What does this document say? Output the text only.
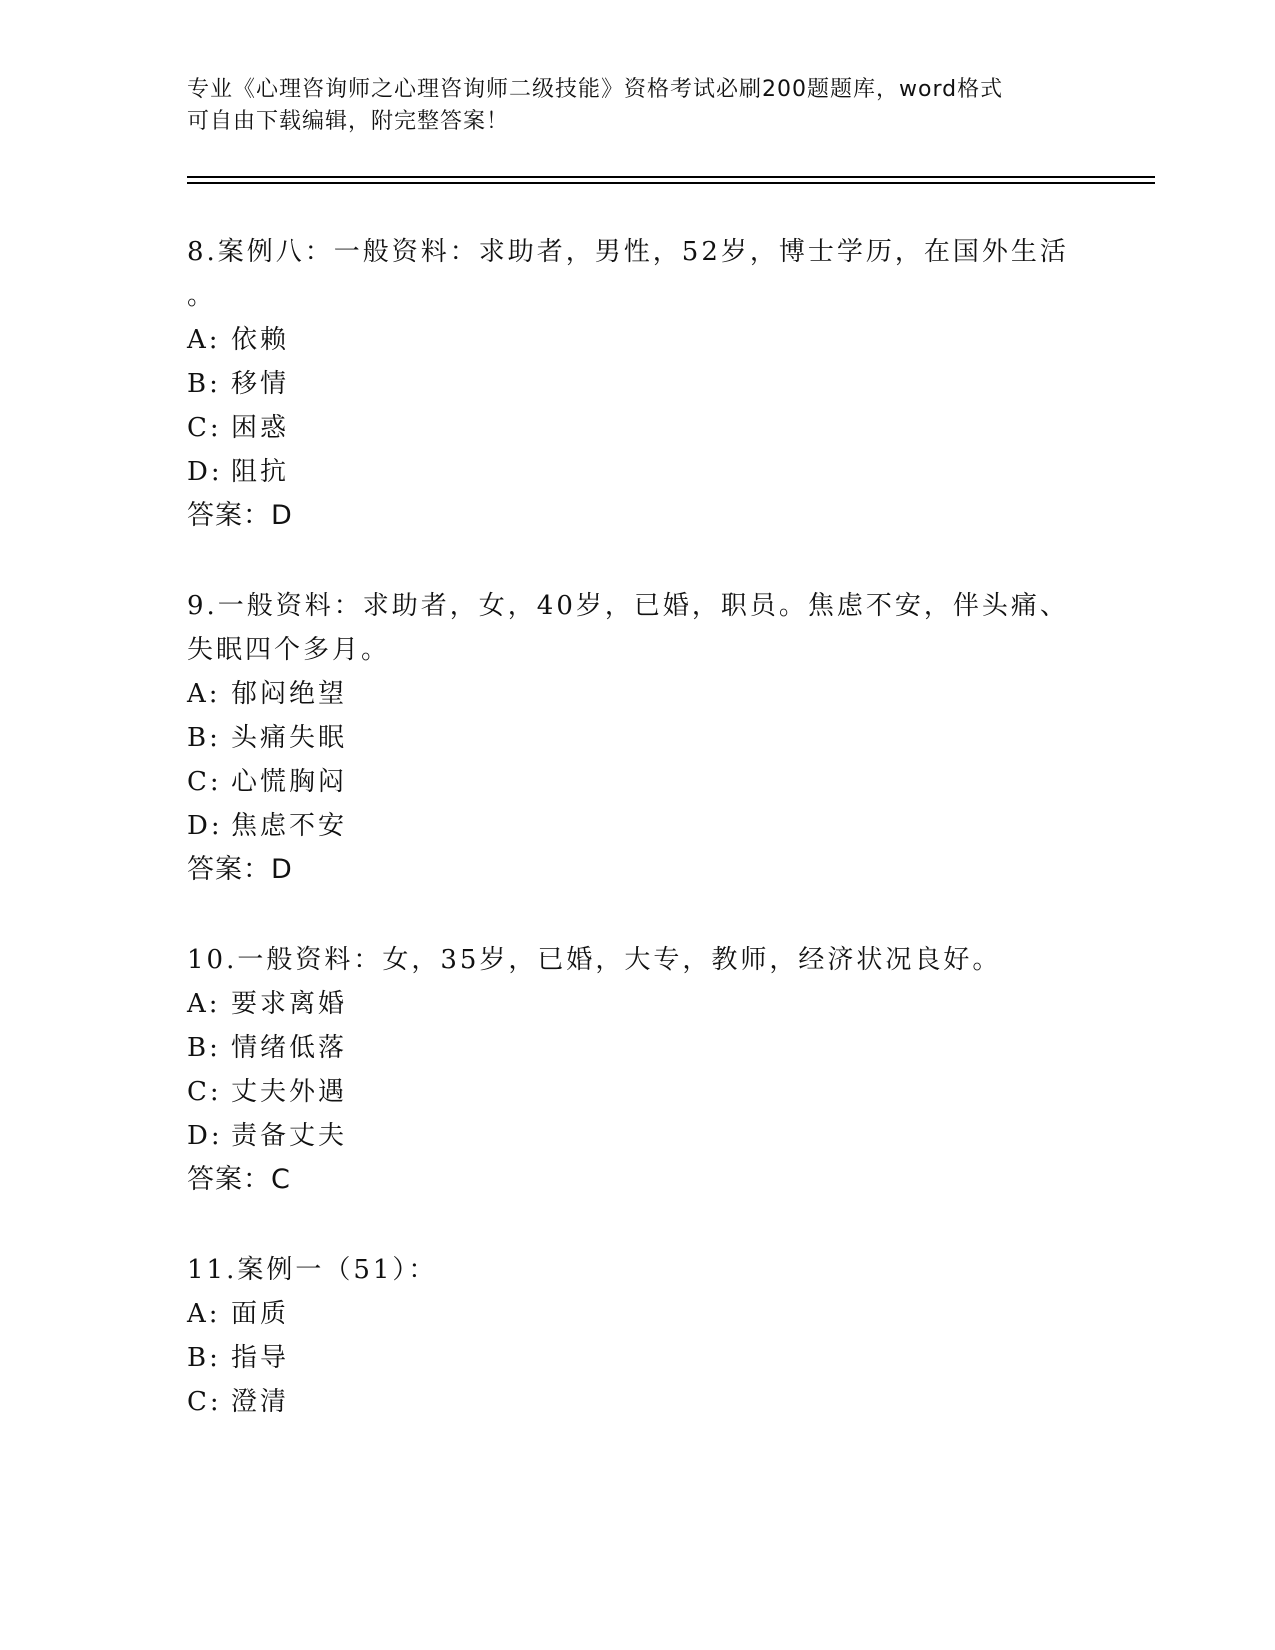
专业《心理咨询师之心理咨询师二级技能》资格考试必刷200题题库，word格式
可自由下载编辑，附完整答案！
8.案例八：一般资料：求助者，男性，52岁，博士学历，在国外生活
。
A: 依赖
B: 移情
C: 困惑
D: 阻抗
答案：D
9.一般资料：求助者，女，40岁，已婚，职员。焦虑不安，伴头痛、
失眠四个多月。
A: 郁闷绝望
B: 头痛失眠
C: 心慌胸闷
D: 焦虑不安
答案：D
10.一般资料：女，35岁，已婚，大专，教师，经济状况良好。
A: 要求离婚
B: 情绪低落
C: 丈夫外遇
D: 责备丈夫
答案：C
11.案例一（51）：
A: 面质
B: 指导
C: 澄清
